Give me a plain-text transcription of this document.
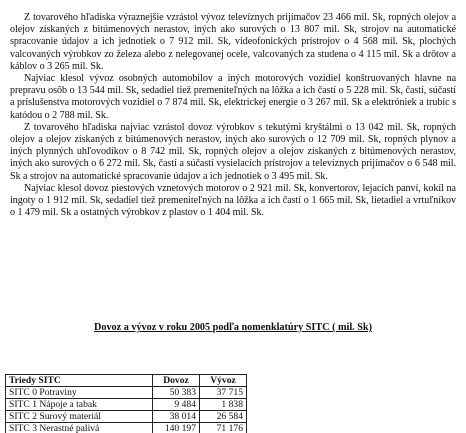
Z tovarového hľadiska výraznejšie vzrástol vývoz televíznych prijímačov 23 466 mil. Sk, ropných olejov a olejov získaných z bitúmenových nerastov, iných ako surových o 13 807 mil. Sk, strojov na automatické spracovanie údajov a ich jednotiek o 7 912 mil. Sk, videofonických prístrojov o 4 568 mil. Sk, plochých valcovaných výrobkov zo železa alebo z nelegovanej ocele, valcovaných za studena o 4 115 mil. Sk a drôtov a káblov o 3 265 mil. Sk.

Najviac klesol vývoz osobných automobilov a iných motorových vozidiel konštruovaných hlavne na prepravu osôb o 13 544 mil. Sk, sedadiel tiež premeniteľných na lôžka a ich častí o 5 228 mil. Sk, častí, súčastí a príslušenstva motorových vozidiel o 7 874 mil. Sk, elektrickej energie o 3 267 mil. Sk a elektróniek a trubíc s katódou o 2 788 mil. Sk.

Z tovarového hľadiska najviac vzrástol dovoz výrobkov s tekutými kryštálmi o 13 042 mil. Sk, ropných olejov a olejov získaných z bitúmenových nerastov, iných ako surových o 12 709 mil. Sk, ropných plynov a iných plynných uhľovodíkov o 8 742 mil. Sk, ropných olejov a olejov získaných z bitúmenových nerastov, iných ako surových o 6 272 mil. Sk, častí a súčastí vysielacích prístrojov a televíznych prijímačov o 6 548 mil. Sk a strojov na automatické spracovanie údajov a ich jednotiek o 3 495 mil. Sk.

Najviac klesol dovoz piestových vznetových motorov o 2 921 mil. Sk, konvertorov, lejacích panví, kokíl na ingoty o 1 912 mil. Sk, sedadiel tiež premeniteľných na lôžka a ich častí o 1 665 mil. Sk, lietadiel a vrtuľníkov o 1 479 mil. Sk a ostatných výrobkov z plastov o 1 404 mil. Sk.

Dovoz a vývoz v roku 2005 podľa nomenklatúry SITC ( mil. Sk)

Triedy SITC	Dovoz	Vývoz
SITC 0 Potraviny	50 383	37 715
SITC 1 Nápoje a tabak	9 484	1 838
SITC 2 Surový materiál	38 014	26 584
SITC 3 Nerastné palivá	140 197	71 176
